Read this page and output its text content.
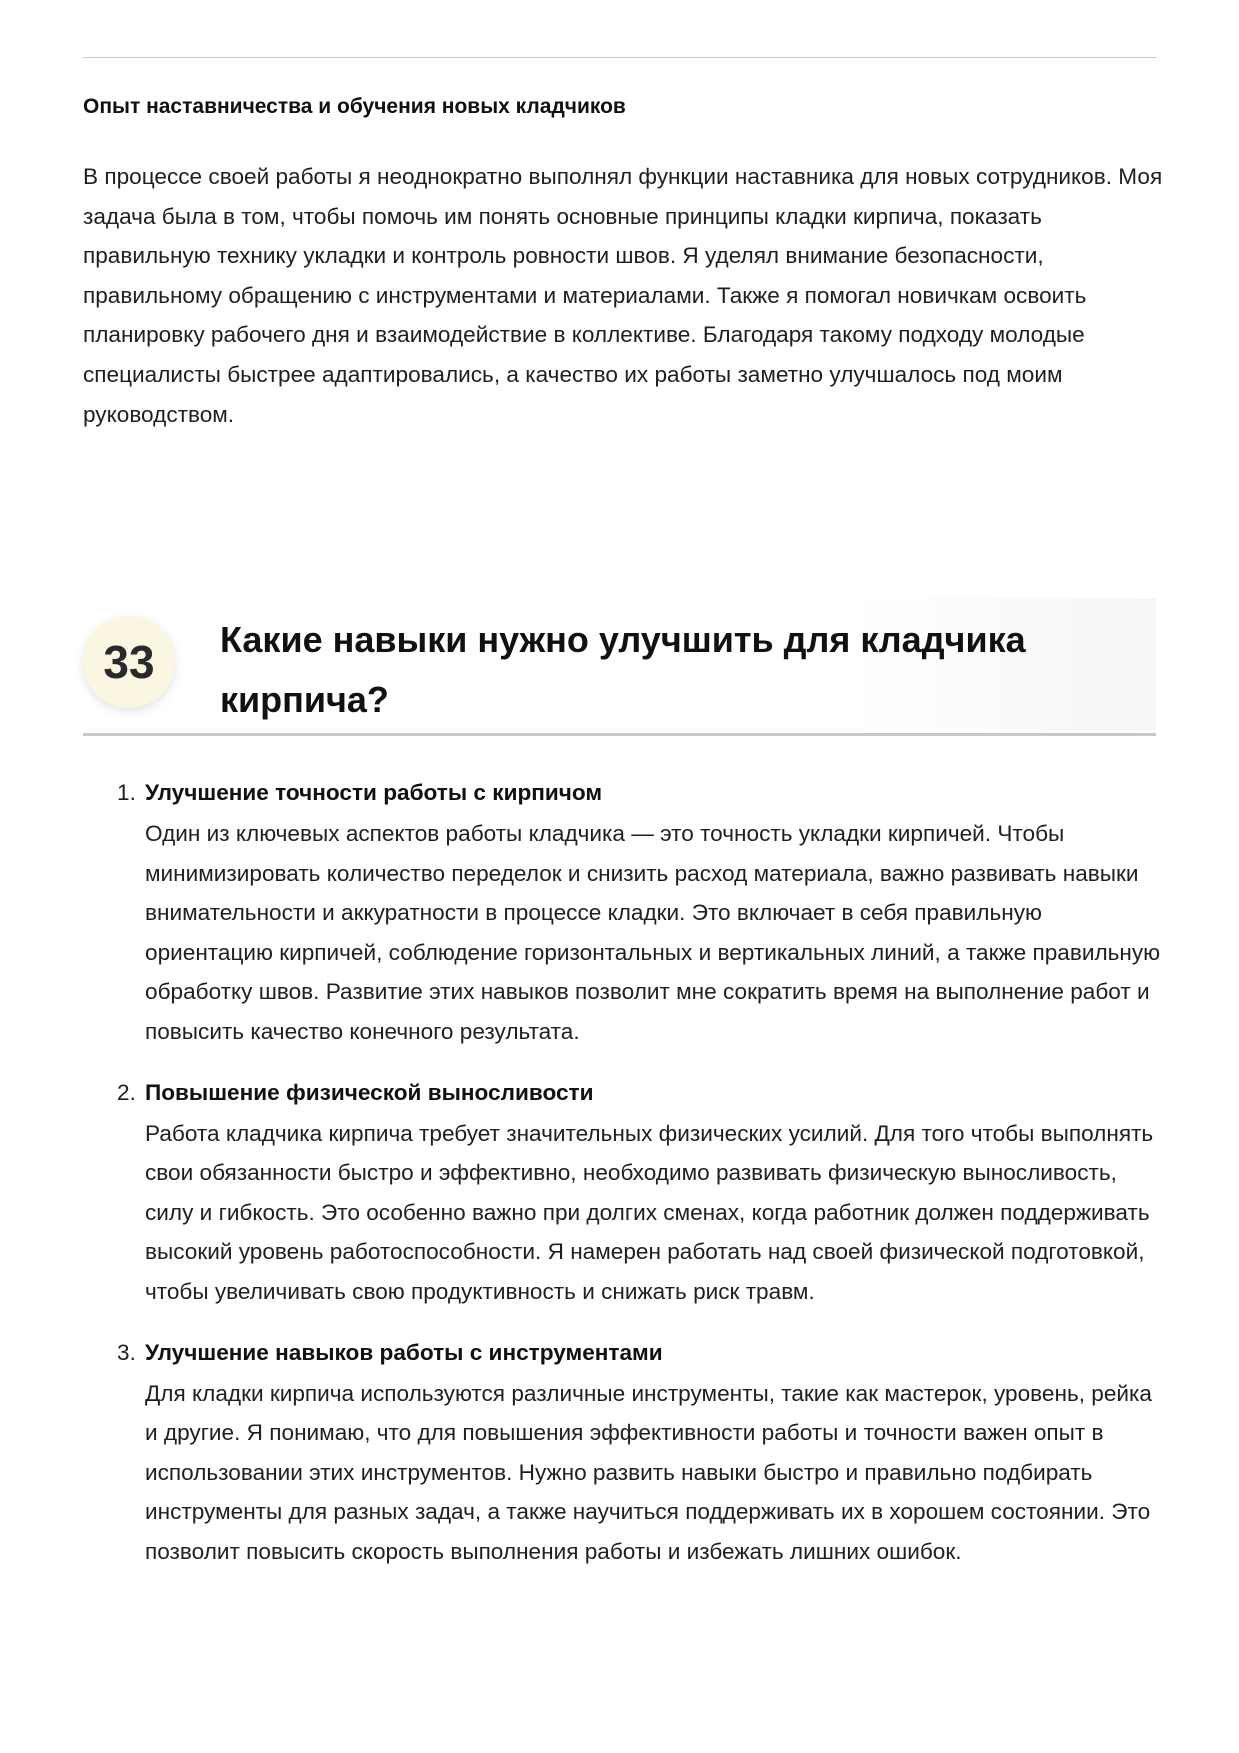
Опыт наставничества и обучения новых кладчиков

В процессе своей работы я неоднократно выполнял функции наставника для новых сотрудников. Моя задача была в том, чтобы помочь им понять основные принципы кладки кирпича, показать правильную технику укладки и контроль ровности швов. Я уделял внимание безопасности, правильному обращению с инструментами и материалами. Также я помогал новичкам освоить планировку рабочего дня и взаимодействие в коллективе. Благодаря такому подходу молодые специалисты быстрее адаптировались, а качество их работы заметно улучшалось под моим руководством.

33	Какие навыки нужно улучшить для кладчика кирпича?
1. Улучшение точности работы с кирпичом
Один из ключевых аспектов работы кладчика — это точность укладки кирпичей. Чтобы минимизировать количество переделок и снизить расход материала, важно развивать навыки внимательности и аккуратности в процессе кладки. Это включает в себя правильную ориентацию кирпичей, соблюдение горизонтальных и вертикальных линий, а также правильную обработку швов. Развитие этих навыков позволит мне сократить время на выполнение работ и повысить качество конечного результата.
2. Повышение физической выносливости
Работа кладчика кирпича требует значительных физических усилий. Для того чтобы выполнять свои обязанности быстро и эффективно, необходимо развивать физическую выносливость, силу и гибкость. Это особенно важно при долгих сменах, когда работник должен поддерживать высокий уровень работоспособности. Я намерен работать над своей физической подготовкой, чтобы увеличивать свою продуктивность и снижать риск травм.
3. Улучшение навыков работы с инструментами
Для кладки кирпича используются различные инструменты, такие как мастерок, уровень, рейка и другие. Я понимаю, что для повышения эффективности работы и точности важен опыт в использовании этих инструментов. Нужно развить навыки быстро и правильно подбирать инструменты для разных задач, а также научиться поддерживать их в хорошем состоянии. Это позволит повысить скорость выполнения работы и избежать лишних ошибок.
